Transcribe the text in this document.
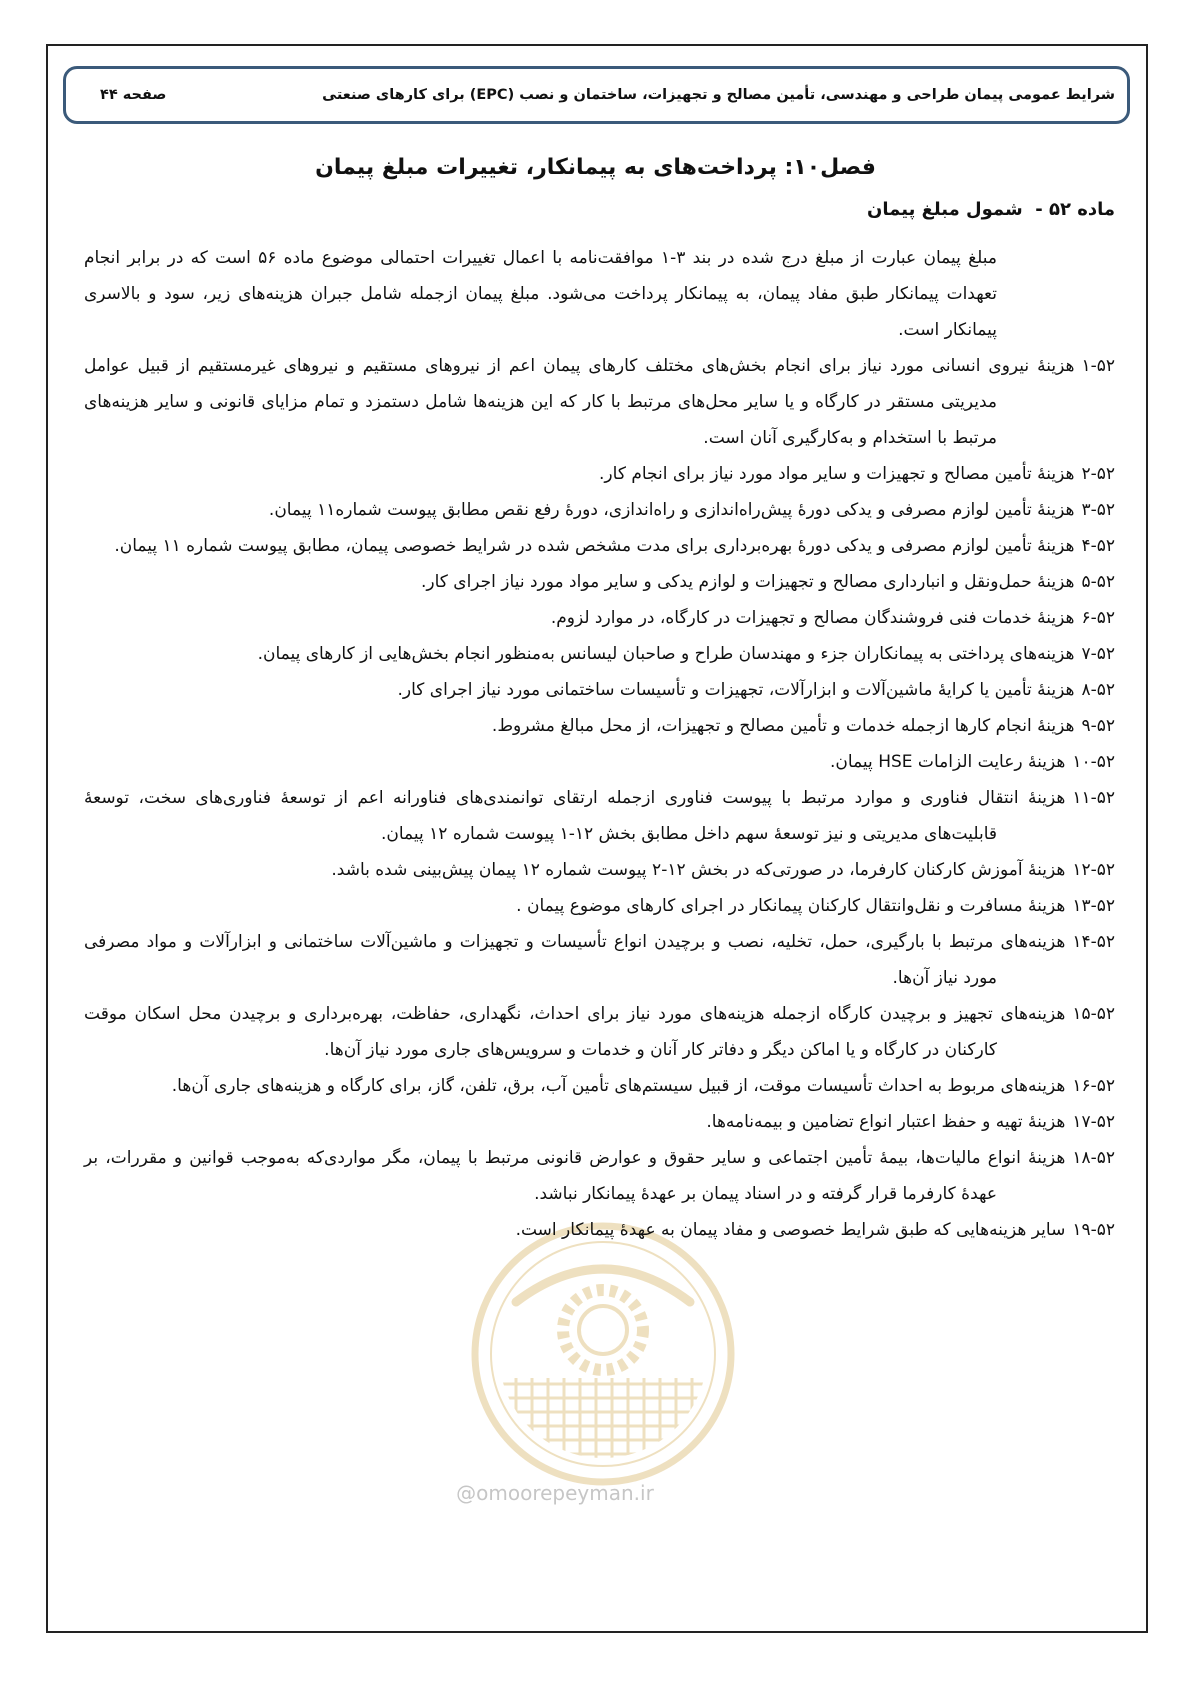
شرایط عمومی پیمان طراحی و مهندسی، تأمین مصالح و تجهیزات، ساختمان و نصب (EPC) برای کارهای صنعتی
صفحه ۴۴
فصل۱۰: پرداخت‌های به پیمانکار، تغییرات مبلغ پیمان
ماده ۵۲ -  شمول مبلغ پیمان
@omoorepeyman.ir

مبلغ پیمان عبارت از مبلغ درج شده در بند ۳-۱ موافقت‌نامه با اعمال تغییرات احتمالی موضوع ماده ۵۶ است که در برابر انجام تعهدات پیمانکار طبق مفاد پیمان، به پیمانکار پرداخت می‌شود. مبلغ پیمان ازجمله شامل جبران هزینه‌های زیر، سود و بالاسری پیمانکار است.

۱-۵۲هزینهٔ نیروی انسانی مورد نیاز برای انجام بخش‌های مختلف کارهای پیمان اعم از نیروهای مستقیم و نیروهای غیرمستقیم از قبیل عوامل مدیریتی مستقر در کارگاه و یا سایر محل‌های مرتبط با کار که این هزینه‌ها شامل دستمزد و تمام مزایای قانونی و سایر هزینه‌های مرتبط با استخدام و به‌کارگیری آنان است.

۲-۵۲هزینهٔ تأمین مصالح و تجهیزات و سایر مواد مورد نیاز برای انجام کار.

۳-۵۲هزینهٔ تأمین لوازم مصرفی و یدکی دورهٔ پیش‌راه‌اندازی و راه‌اندازی، دورهٔ رفع نقص مطابق پیوست شماره۱۱ پیمان.

۴-۵۲هزینهٔ تأمین لوازم مصرفی و یدکی دورهٔ بهره‌برداری برای مدت مشخص شده در شرایط خصوصی پیمان، مطابق پیوست شماره ۱۱ پیمان.

۵-۵۲هزینهٔ حمل‌ونقل و انبارداری مصالح و تجهیزات و لوازم یدکی و سایر مواد مورد نیاز اجرای کار.

۶-۵۲هزینهٔ خدمات فنی فروشندگان مصالح و تجهیزات در کارگاه، در موارد لزوم.

۷-۵۲هزینه‌های پرداختی به پیمانکاران جزء و مهندسان طراح و صاحبان لیسانس به‌منظور انجام بخش‌هایی از کارهای پیمان.

۸-۵۲هزینهٔ تأمین یا کرایهٔ ماشین‌آلات و ابزارآلات، تجهیزات و تأسیسات ساختمانی مورد نیاز اجرای کار.

۹-۵۲هزینهٔ انجام کارها ازجمله خدمات و تأمین مصالح و تجهیزات، از محل مبالغ مشروط.

۱۰-۵۲هزینهٔ رعایت الزامات HSE پیمان.

۱۱-۵۲هزینهٔ انتقال فناوری و موارد مرتبط با پیوست فناوری ازجمله ارتقای توانمندی‌های فناورانه اعم از توسعهٔ فناوری‌های سخت، توسعهٔ قابلیت‌های مدیریتی و نیز توسعهٔ سهم داخل مطابق بخش ۱۲-۱ پیوست شماره ۱۲ پیمان.

۱۲-۵۲هزینهٔ آموزش کارکنان کارفرما، در صورتی‌که در بخش ۱۲-۲ پیوست شماره ۱۲ پیمان پیش‌بینی شده باشد.

۱۳-۵۲هزینهٔ مسافرت و نقل‌وانتقال کارکنان پیمانکار در اجرای کارهای موضوع پیمان .

۱۴-۵۲هزینه‌های مرتبط با بارگیری، حمل، تخلیه، نصب و برچیدن انواع تأسیسات و تجهیزات و ماشین‌آلات ساختمانی و ابزارآلات و مواد مصرفی مورد نیاز آن‌ها.

۱۵-۵۲هزینه‌های تجهیز و برچیدن کارگاه ازجمله هزینه‌های مورد نیاز برای احداث، نگهداری، حفاظت، بهره‌برداری و برچیدن محل اسکان موقت کارکنان در کارگاه و یا اماکن دیگر و دفاتر کار آنان و خدمات و سرویس‌های جاری مورد نیاز آن‌ها.

۱۶-۵۲هزینه‌های مربوط به احداث تأسیسات موقت، از قبیل سیستم‌های تأمین آب، برق، تلفن، گاز، برای کارگاه و هزینه‌های جاری آن‌ها.

۱۷-۵۲هزینهٔ تهیه و حفظ اعتبار انواع تضامین و بیمه‌نامه‌ها.

۱۸-۵۲هزینهٔ انواع مالیات‌ها، بیمهٔ تأمین اجتماعی و سایر حقوق و عوارض قانونی مرتبط با پیمان، مگر مواردی‌که به‌موجب قوانین و مقررات، بر عهدهٔ کارفرما قرار گرفته و در اسناد پیمان بر عهدهٔ پیمانکار نباشد.

۱۹-۵۲سایر هزینه‌هایی که طبق شرایط خصوصی و مفاد پیمان به عهدهٔ پیمانکار است.
